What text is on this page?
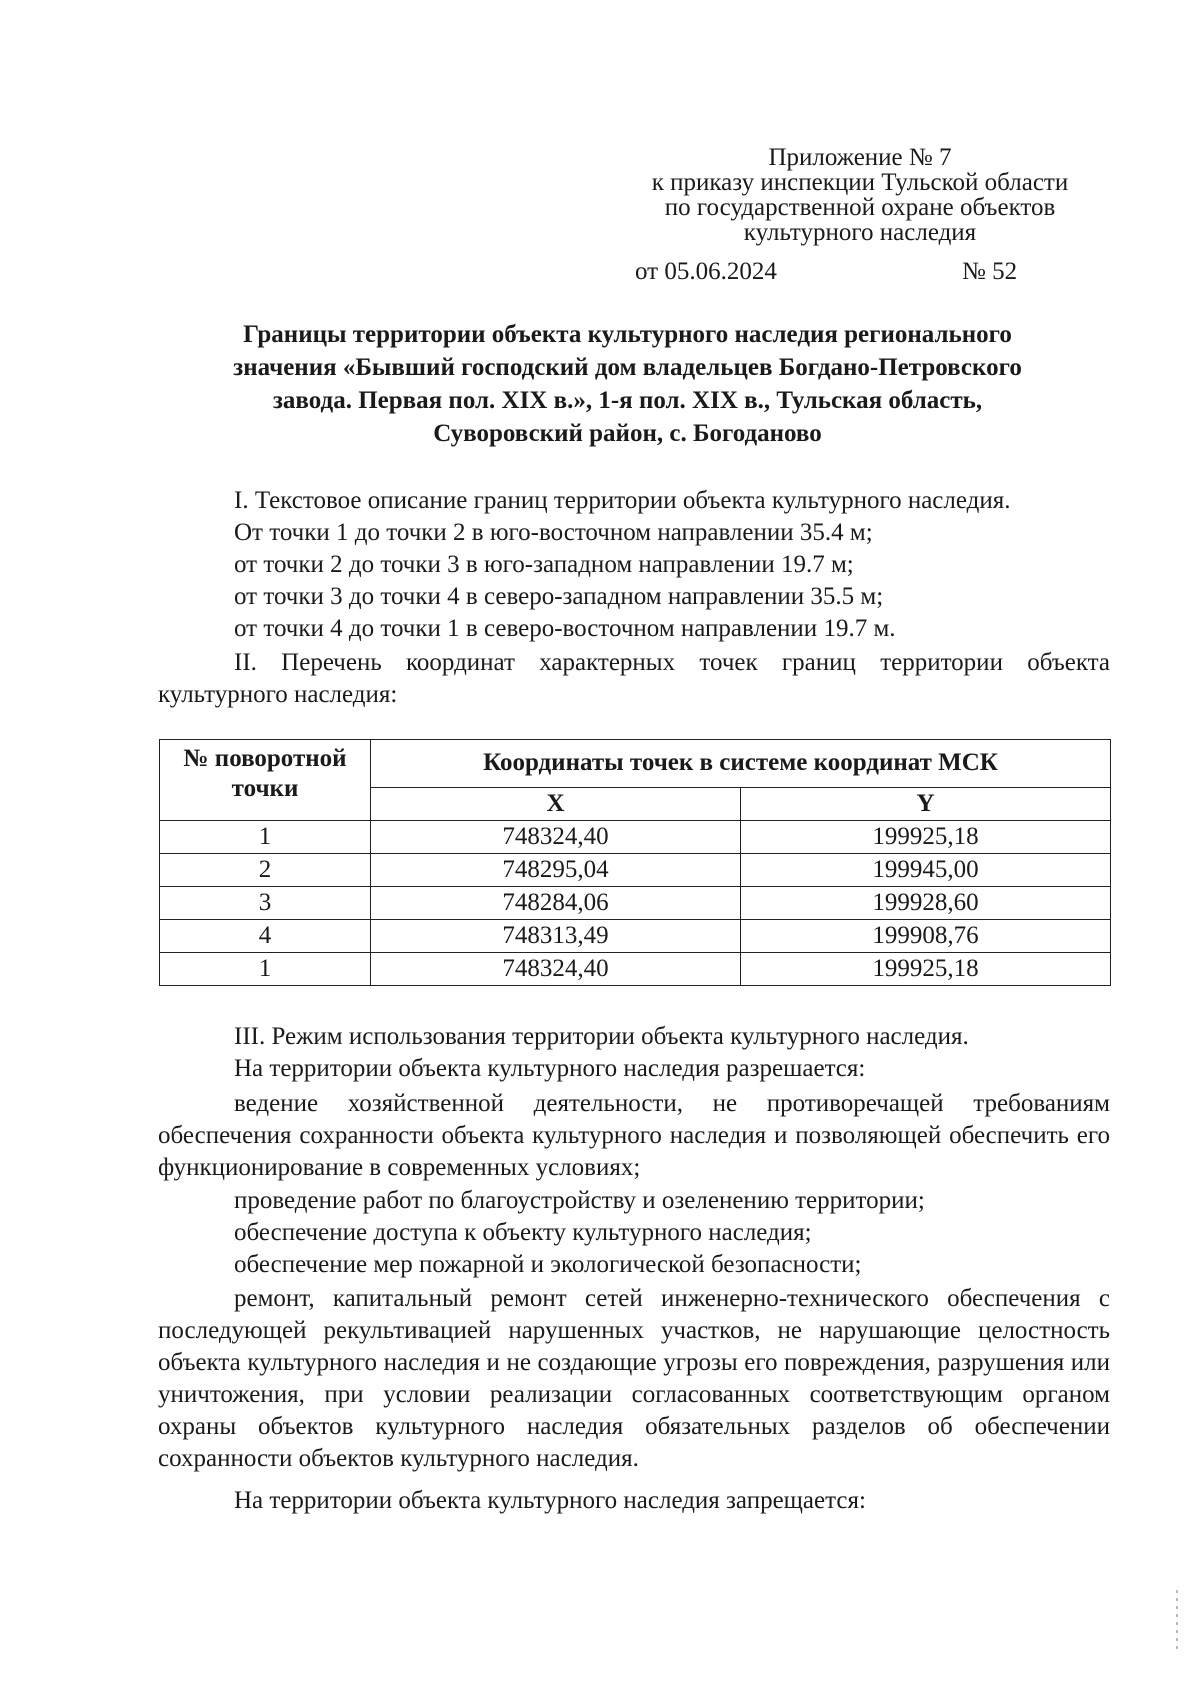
Приложение № 7
к приказу инспекции Тульской области
по государственной охране объектов
культурного наследия
от 05.06.2024	№ 52
Границы территории объекта культурного наследия регионального
значения «Бывший господский дом владельцев Богдано-Петровского
завода. Первая пол. XIX в.», 1-я пол. XIX в., Тульская область,
Суворовский район, с. Богоданово
I. Текстовое описание границ территории объекта культурного наследия.
От точки 1 до точки 2 в юго-восточном направлении 35.4 м;
от точки 2 до точки 3 в юго-западном направлении 19.7 м;
от точки 3 до точки 4 в северо-западном направлении 35.5 м;
от точки 4 до точки 1 в северо-восточном направлении 19.7 м.
II. Перечень координат характерных точек границ территории объекта культурного наследия:
№ поворотной точки	Координаты точек в системе координат МСК	
	X	Y
1	748324,40	199925,18
2	748295,04	199945,00
3	748284,06	199928,60
4	748313,49	199908,76
1	748324,40	199925,18
III. Режим использования территории объекта культурного наследия.
На территории объекта культурного наследия разрешается:
ведение хозяйственной деятельности, не противоречащей требованиям обеспечения сохранности объекта культурного наследия и позволяющей обеспечить его функционирование в современных условиях;
проведение работ по благоустройству и озеленению территории;
обеспечение доступа к объекту культурного наследия;
обеспечение мер пожарной и экологической безопасности;
ремонт, капитальный ремонт сетей инженерно-технического обеспечения с последующей рекультивацией нарушенных участков, не нарушающие целостность объекта культурного наследия и не создающие угрозы его повреждения, разрушения или уничтожения, при условии реализации согласованных соответствующим органом охраны объектов культурного наследия обязательных разделов об обеспечении сохранности объектов культурного наследия.
На территории объекта культурного наследия запрещается:
